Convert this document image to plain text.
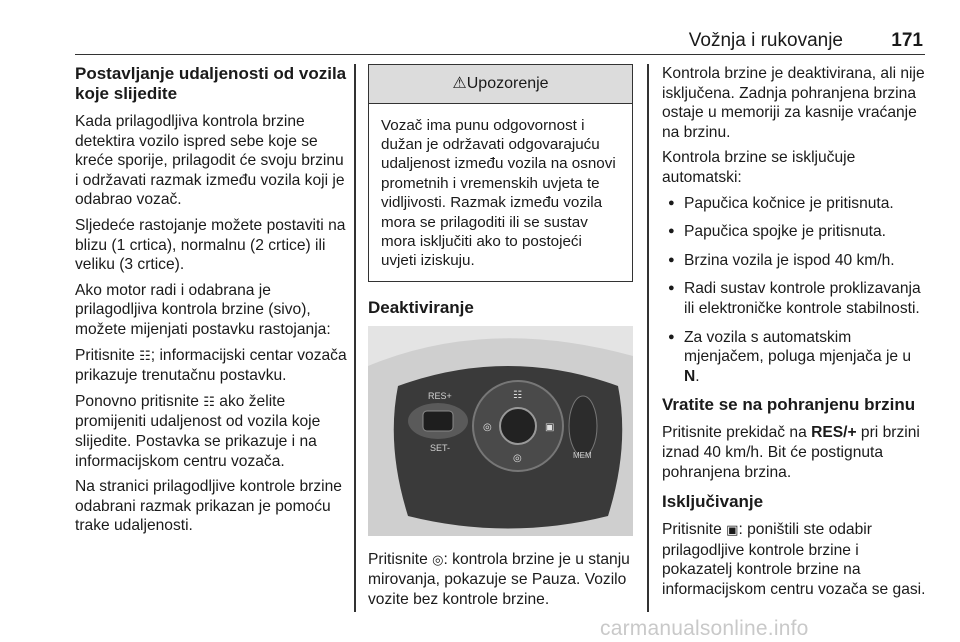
Vožnja i rukovanje	171
Postavljanje udaljenosti od vozila koje slijedite

Kada prilagodljiva kontrola brzine detektira vozilo ispred sebe koje se kreće sporije, prilagodit će svoju brzinu i održavati razmak između vozila koji je odabrao vozač.

Sljedeće rastojanje možete postaviti na blizu (1 crtica), normalnu (2 crtice) ili veliku (3 crtice).

Ako motor radi i odabrana je prilagodljiva kontrola brzine (sivo), možete mijenjati postavku rastojanja:

Pritisnite ☷; informacijski centar vozača prikazuje trenutačnu postavku.

Ponovno pritisnite ☷ ako želite promijeniti udaljenost od vozila koje slijedite. Postavka se prikazuje i na informacijskom centru vozača.

Na stranici prilagodljive kontrole brzine odabrani razmak prikazan je pomoću trake udaljenosti.

⚠Upozorenje
Vozač ima punu odgovornost i dužan je održavati odgovarajuću udaljenost između vozila na osnovi prometnih i vremenskih uvjeta te vidljivosti. Razmak između vozila mora se prilagoditi ili se sustav mora isključiti ako to postojeći uvjeti iziskuju.
Deaktiviranje
RES+
SET-
☷
◎	▣
◎	MEM

Pritisnite ◎: kontrola brzine je u stanju mirovanja, pokazuje se Pauza. Vozilo vozite bez kontrole brzine.

Kontrola brzine je deaktivirana, ali nije isključena. Zadnja pohranjena brzina ostaje u memoriji za kasnije vraćanje na brzinu.

Kontrola brzine se isključuje automatski:

● Papučica kočnice je pritisnuta.
● Papučica spojke je pritisnuta.
● Brzina vozila je ispod 40 km/h.
● Radi sustav kontrole proklizavanja ili elektroničke kontrole stabilnosti.
● Za vozila s automatskim mjenjačem, poluga mjenjača je u N.
Vratite se na pohranjenu brzinu

Pritisnite prekidač na RES/+ pri brzini iznad 40 km/h. Bit će postignuta pohranjena brzina.

Isključivanje

Pritisnite ▣: poništili ste odabir prilagodljive kontrole brzine i pokazatelj kontrole brzine na informacijskom centru vozača se gasi.

carmanualsonline.info
